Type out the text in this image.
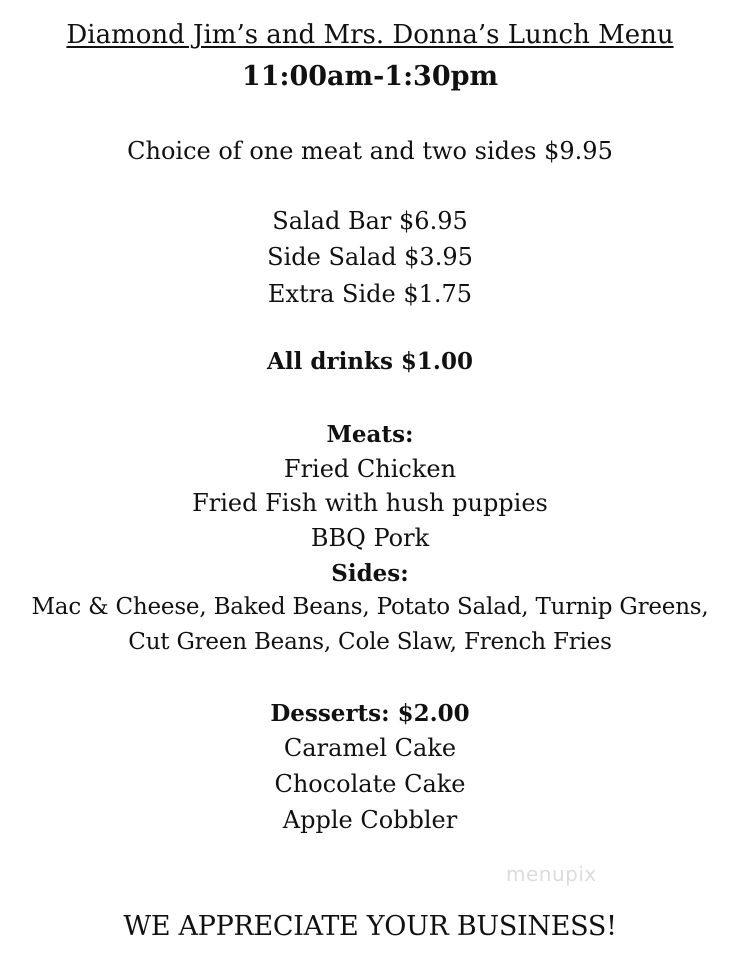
Diamond Jim’s and Mrs. Donna’s Lunch Menu
11:00am-1:30pm
Choice of one meat and two sides $9.95
Salad Bar $6.95
Side Salad $3.95
Extra Side $1.75
All drinks $1.00
Meats:
Fried Chicken
Fried Fish with hush puppies
BBQ Pork
Sides:
Mac & Cheese, Baked Beans, Potato Salad, Turnip Greens,
Cut Green Beans, Cole Slaw, French Fries
Desserts: $2.00
Caramel Cake
Chocolate Cake
Apple Cobbler
menupix
WE APPRECIATE YOUR BUSINESS!
